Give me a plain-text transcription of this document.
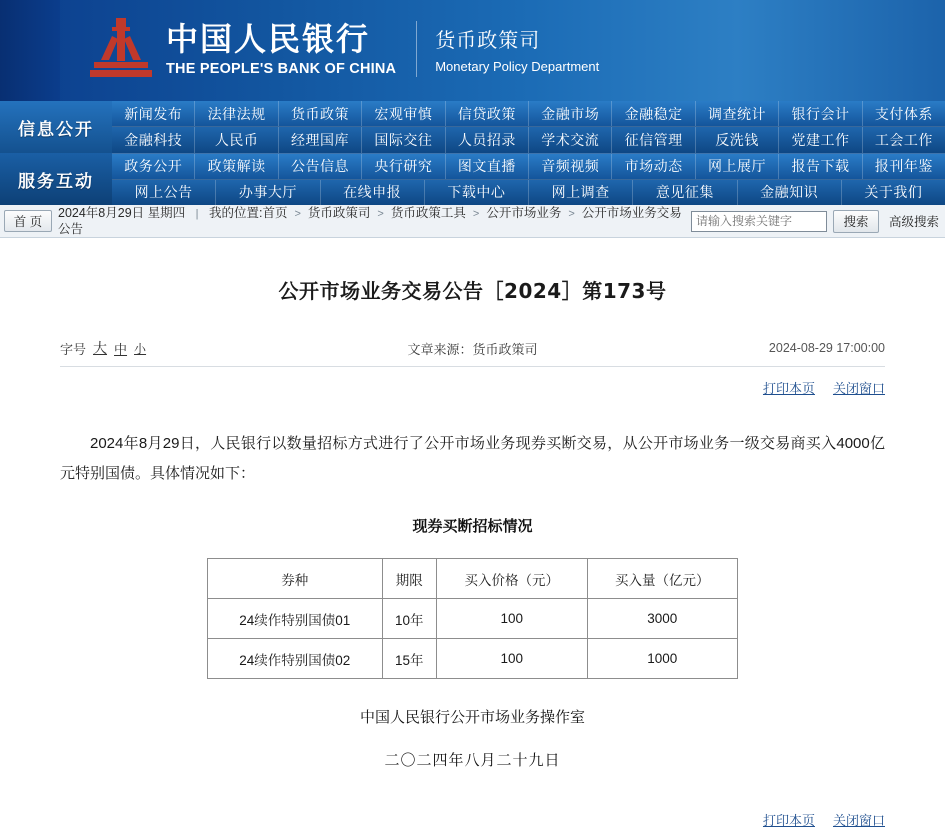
中国人民银行
THE PEOPLE'S BANK OF CHINA
货币政策司
Monetary Policy Department
信息公开
服务互动
新闻发布	法律法规	货币政策	宏观审慎	信贷政策	金融市场	金融稳定	调查统计	银行会计	支付体系
金融科技	人民币	经理国库	国际交往	人员招录	学术交流	征信管理	反洗钱	党建工作	工会工作
政务公开	政策解读	公告信息	央行研究	图文直播	音频视频	市场动态	网上展厅	报告下载	报刊年鉴
网上公告	办事大厅	在线申报	下载中心	网上调查	意见征集	金融知识	关于我们
首 页
2024年8月29日 星期四 | 我的位置:首页 > 货币政策司 > 货币政策工具 > 公开市场业务 > 公开市场业务交易公告
请输入搜索关键字	搜索	高级搜索
公开市场业务交易公告［2024］第173号
字号 大 中 小	文章来源：货币政策司	2024-08-29 17:00:00
打印本页 关闭窗口
2024年8月29日，人民银行以数量招标方式进行了公开市场业务现券买断交易，从公开市场业务一级交易商买入4000亿元特别国债。具体情况如下：
现券买断招标情况
券种	期限	买入价格（元）	买入量（亿元）
24续作特别国债01	10年	100	3000
24续作特别国债02	15年	100	1000
中国人民银行公开市场业务操作室
二〇二四年八月二十九日
打印本页 关闭窗口
